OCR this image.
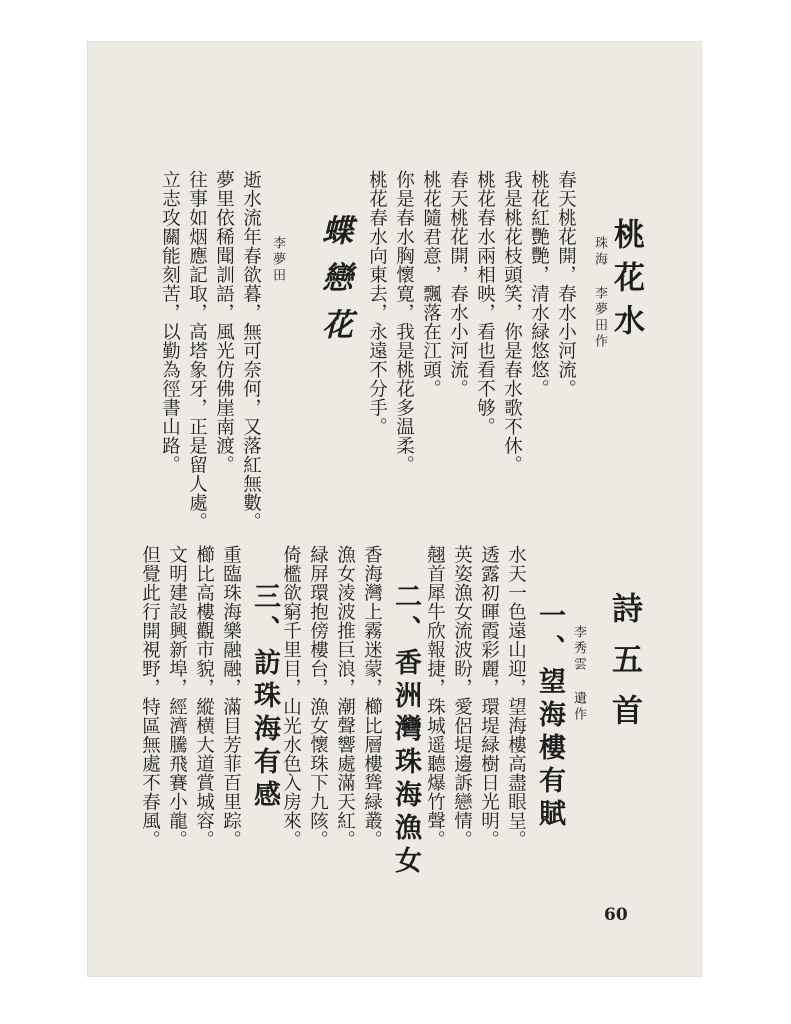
桃花水
珠海 李夢田作
春天桃花開，春水小河流。
桃花紅艷艷，清水緑悠悠。
我是桃花枝頭笑，你是春水歌不休。
桃花春水兩相映，看也看不够。
春天桃花開，春水小河流。
桃花隨君意，飄落在江頭。
你是春水胸懷寛，我是桃花多温柔。
桃花春水向東去，永遠不分手。
蝶戀花
李夢田
逝水流年春欲暮，無可奈何，又落紅無數。
夢里依稀聞訓語，風光仿佛崖南渡。
往事如烟應記取，高塔象牙，正是留人處。
立志攻關能刻苦，以勤為徑書山路。
詩五首
李秀雲 遺作
一、望海樓有賦
水天一色遠山迎，望海樓高盡眼呈。
透露初暉霞彩麗，環堤緑樹日光明。
英姿漁女流波盼，愛侶堤邊訴戀情。
翹首犀牛欣報捷，珠城遥聽爆竹聲。
二、香洲灣珠海漁女
香海灣上霧迷蒙，櫛比層樓聳緑叢。
漁女淩波推巨浪，潮聲響處滿天紅。
緑屏環抱傍樓台，漁女懷珠下九陔。
倚檻欲窮千里目，山光水色入房來。
三、訪珠海有感
重臨珠海樂融融，滿目芳菲百里踪。
櫛比高樓觀市貌，縱横大道賞城容。
文明建設興新埠，經濟騰飛賽小龍。
但覺此行開視野，特區無處不春風。
60
